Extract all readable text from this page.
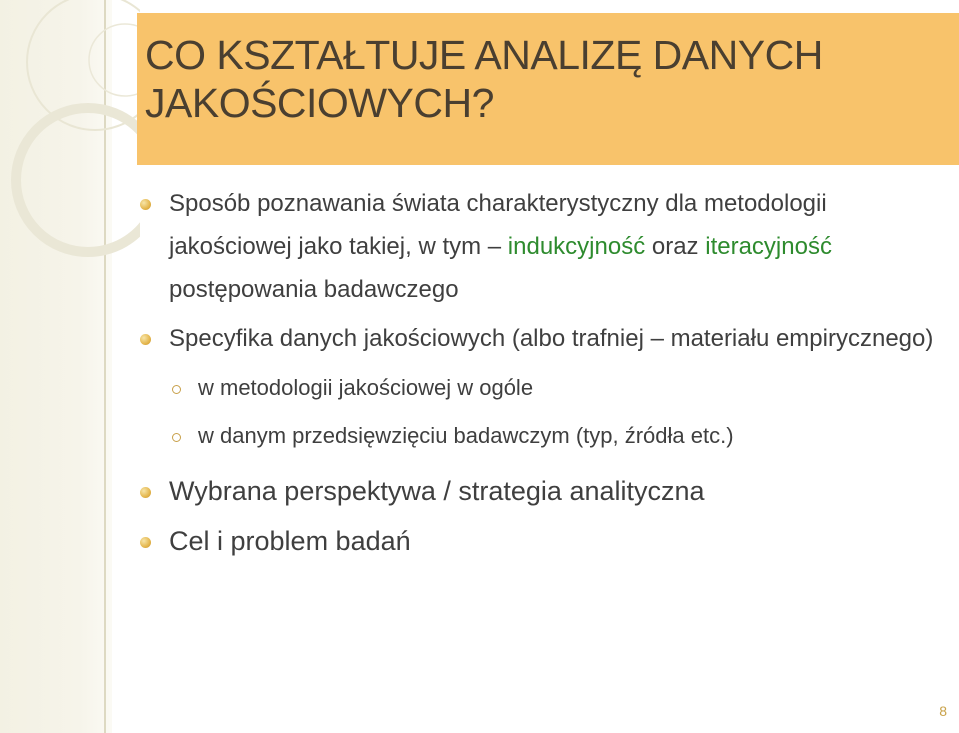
CO KSZTAŁTUJE ANALIZĘ DANYCH JAKOŚCIOWYCH?
Sposób poznawania świata charakterystyczny dla metodologii jakościowej jako takiej, w tym – indukcyjność oraz iteracyjność postępowania badawczego
Specyfika danych jakościowych (albo trafniej – materiału empirycznego)
w metodologii jakościowej w ogóle
w danym przedsięwzięciu badawczym (typ, źródła etc.)
Wybrana perspektywa / strategia analityczna
Cel i problem badań
8
